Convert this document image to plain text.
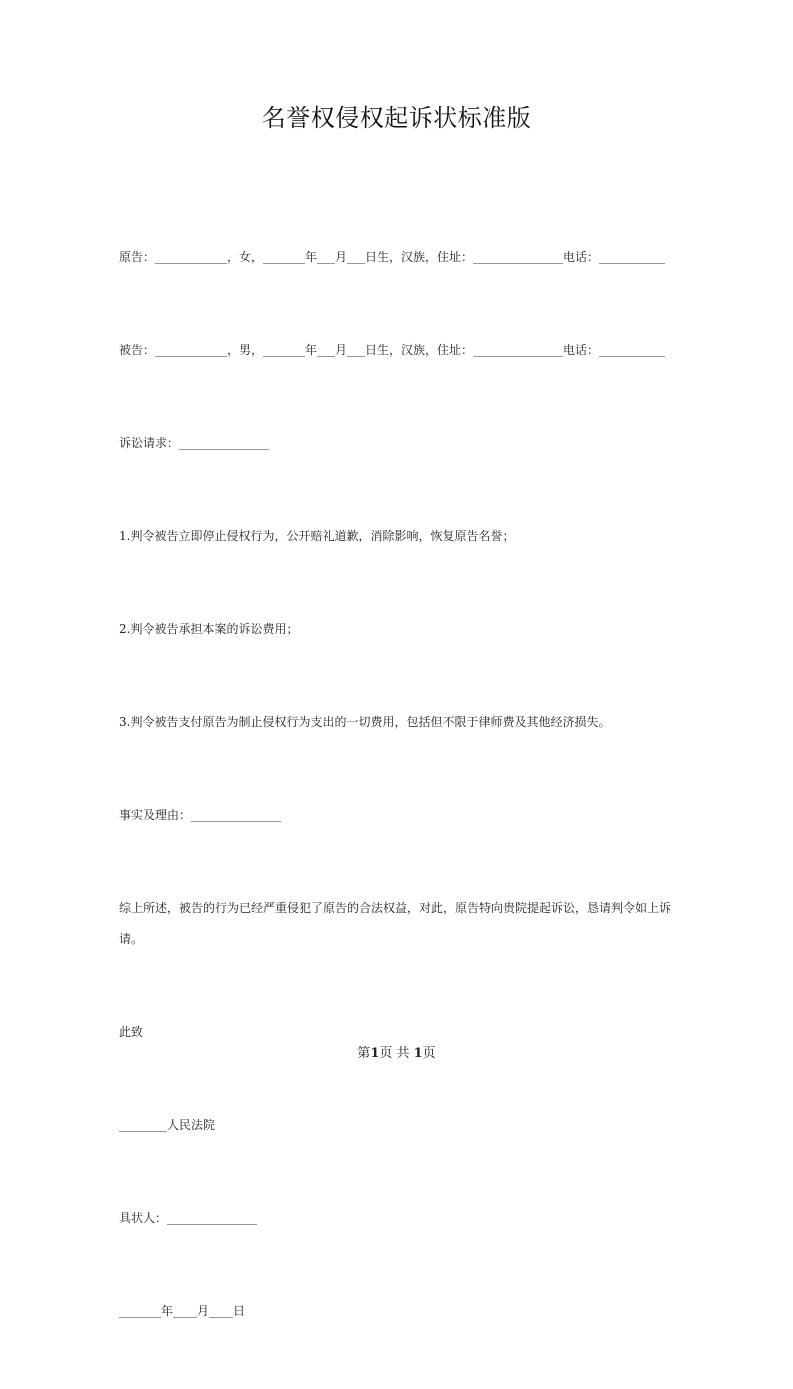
名誉权侵权起诉状标准版

原告：____________，女，_______年___月___日生，汉族，住址：_______________电话：___________

被告：____________，男，_______年___月___日生，汉族，住址：_______________电话：___________

诉讼请求：_______________

1.判令被告立即停止侵权行为，公开赔礼道歉，消除影响，恢复原告名誉；

2.判令被告承担本案的诉讼费用；

3.判令被告支付原告为制止侵权行为支出的一切费用，包括但不限于律师费及其他经济损失。

事实及理由：_______________

综上所述，被告的行为已经严重侵犯了原告的合法权益，对此，原告特向贵院提起诉讼，恳请判令如上诉请。

此致

________人民法院

具状人：_______________

_______年____月____日

第1页 共 1页
